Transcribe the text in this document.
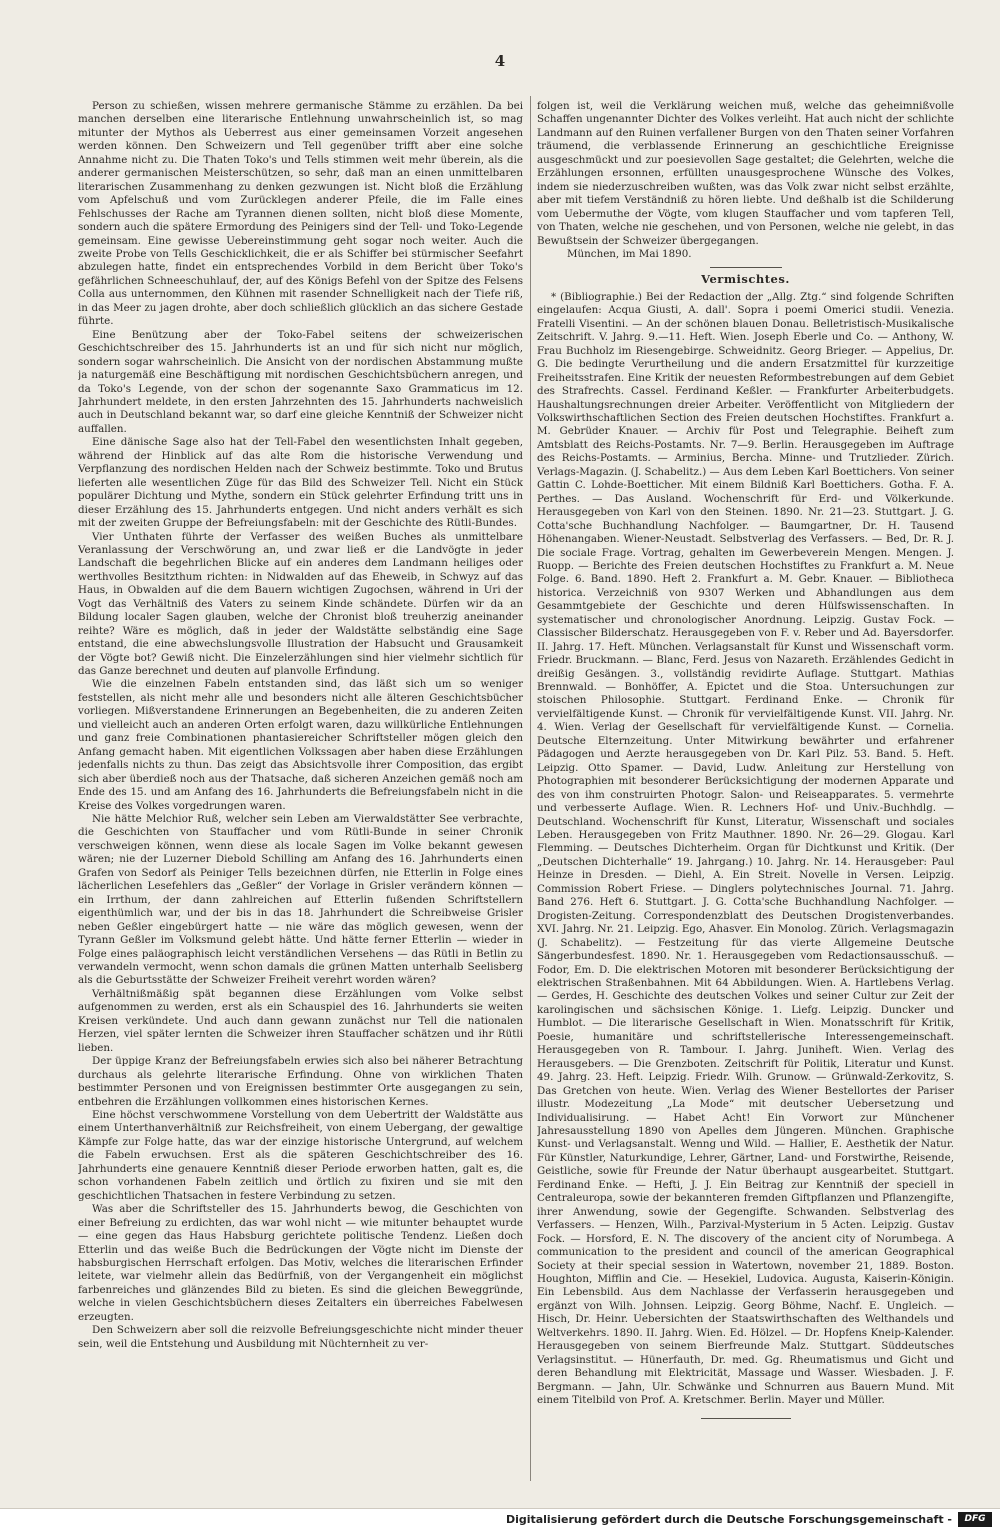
4

Person zu schießen, wissen mehrere germanische Stämme zu erzählen. Da bei manchen derselben eine literarische Entlehnung unwahrscheinlich ist, so mag mitunter der Mythos als Ueberrest aus einer gemeinsamen Vorzeit angesehen werden können. Den Schweizern und Tell gegenüber trifft aber eine solche Annahme nicht zu. Die Thaten Toko's und Tells stimmen weit mehr überein, als die anderer germanischen Meisterschützen, so sehr, daß man an einen unmittelbaren literarischen Zusammenhang zu denken gezwungen ist. Nicht bloß die Erzählung vom Apfelschuß und vom Zurücklegen anderer Pfeile, die im Falle eines Fehlschusses der Rache am Tyrannen dienen sollten, nicht bloß diese Momente, sondern auch die spätere Ermordung des Peinigers sind der Tell- und Toko-Legende gemeinsam. Eine gewisse Uebereinstimmung geht sogar noch weiter. Auch die zweite Probe von Tells Geschicklichkeit, die er als Schiffer bei stürmischer Seefahrt abzulegen hatte, findet ein entsprechendes Vorbild in dem Bericht über Toko's gefährlichen Schneeschuhlauf, der, auf des Königs Befehl von der Spitze des Felsens Colla aus unternommen, den Kühnen mit rasender Schnelligkeit nach der Tiefe riß, in das Meer zu jagen drohte, aber doch schließlich glücklich an das sichere Gestade führte.

Eine Benützung aber der Toko-Fabel seitens der schweizerischen Geschichtschreiber des 15. Jahrhunderts ist an und für sich nicht nur möglich, sondern sogar wahrscheinlich. Die Ansicht von der nordischen Abstammung mußte ja naturgemäß eine Beschäftigung mit nordischen Geschichtsbüchern anregen, und da Toko's Legende, von der schon der sogenannte Saxo Grammaticus im 12. Jahrhundert meldete, in den ersten Jahrzehnten des 15. Jahrhunderts nachweislich auch in Deutschland bekannt war, so darf eine gleiche Kenntniß der Schweizer nicht auffallen.

Eine dänische Sage also hat der Tell-Fabel den wesentlichsten Inhalt gegeben, während der Hinblick auf das alte Rom die historische Verwendung und Verpflanzung des nordischen Helden nach der Schweiz bestimmte. Toko und Brutus lieferten alle wesentlichen Züge für das Bild des Schweizer Tell. Nicht ein Stück populärer Dichtung und Mythe, sondern ein Stück gelehrter Erfindung tritt uns in dieser Erzählung des 15. Jahrhunderts entgegen. Und nicht anders verhält es sich mit der zweiten Gruppe der Befreiungsfabeln: mit der Geschichte des Rütli-Bundes.

Vier Unthaten führte der Verfasser des weißen Buches als unmittelbare Veranlassung der Verschwörung an, und zwar ließ er die Landvögte in jeder Landschaft die begehrlichen Blicke auf ein anderes dem Landmann heiliges oder werthvolles Besitzthum richten: in Nidwalden auf das Eheweib, in Schwyz auf das Haus, in Obwalden auf die dem Bauern wichtigen Zugochsen, während in Uri der Vogt das Verhältniß des Vaters zu seinem Kinde schändete. Dürfen wir da an Bildung localer Sagen glauben, welche der Chronist bloß treuherzig aneinander reihte? Wäre es möglich, daß in jeder der Waldstätte selbständig eine Sage entstand, die eine abwechslungsvolle Illustration der Habsucht und Grausamkeit der Vögte bot? Gewiß nicht. Die Einzelerzählungen sind hier vielmehr sichtlich für das Ganze berechnet und deuten auf planvolle Erfindung.

Wie die einzelnen Fabeln entstanden sind, das läßt sich um so weniger feststellen, als nicht mehr alle und besonders nicht alle älteren Geschichtsbücher vorliegen. Mißverstandene Erinnerungen an Begebenheiten, die zu anderen Zeiten und vielleicht auch an anderen Orten erfolgt waren, dazu willkürliche Entlehnungen und ganz freie Combinationen phantasiereicher Schriftsteller mögen gleich den Anfang gemacht haben. Mit eigentlichen Volkssagen aber haben diese Erzählungen jedenfalls nichts zu thun. Das zeigt das Absichtsvolle ihrer Composition, das ergibt sich aber überdieß noch aus der Thatsache, daß sicheren Anzeichen gemäß noch am Ende des 15. und am Anfang des 16. Jahrhunderts die Befreiungsfabeln nicht in die Kreise des Volkes vorgedrungen waren.

Nie hätte Melchior Ruß, welcher sein Leben am Vierwaldstätter See verbrachte, die Geschichten von Stauffacher und vom Rütli-Bunde in seiner Chronik verschweigen können, wenn diese als locale Sagen im Volke bekannt gewesen wären; nie der Luzerner Diebold Schilling am Anfang des 16. Jahrhunderts einen Grafen von Sedorf als Peiniger Tells bezeichnen dürfen, nie Etterlin in Folge eines lächerlichen Lesefehlers das „Geßler“ der Vorlage in Grisler verändern können — ein Irrthum, der dann zahlreichen auf Etterlin fußenden Schriftstellern eigenthümlich war, und der bis in das 18. Jahrhundert die Schreibweise Grisler neben Geßler eingebürgert hatte — nie wäre das möglich gewesen, wenn der Tyrann Geßler im Volksmund gelebt hätte. Und hätte ferner Etterlin — wieder in Folge eines paläographisch leicht verständlichen Versehens — das Rütli in Betlin zu verwandeln vermocht, wenn schon damals die grünen Matten unterhalb Seelisberg als die Geburtsstätte der Schweizer Freiheit verehrt worden wären?

Verhältnißmäßig spät begannen diese Erzählungen vom Volke selbst aufgenommen zu werden, erst als ein Schauspiel des 16. Jahrhunderts sie weiten Kreisen verkündete. Und auch dann gewann zunächst nur Tell die nationalen Herzen, viel später lernten die Schweizer ihren Stauffacher schätzen und ihr Rütli lieben.

Der üppige Kranz der Befreiungsfabeln erwies sich also bei näherer Betrachtung durchaus als gelehrte literarische Erfindung. Ohne von wirklichen Thaten bestimmter Personen und von Ereignissen bestimmter Orte ausgegangen zu sein, entbehren die Erzählungen vollkommen eines historischen Kernes.

Eine höchst verschwommene Vorstellung von dem Uebertritt der Waldstätte aus einem Unterthanverhältniß zur Reichsfreiheit, von einem Uebergang, der gewaltige Kämpfe zur Folge hatte, das war der einzige historische Untergrund, auf welchem die Fabeln erwuchsen. Erst als die späteren Geschichtschreiber des 16. Jahrhunderts eine genauere Kenntniß dieser Periode erworben hatten, galt es, die schon vorhandenen Fabeln zeitlich und örtlich zu fixiren und sie mit den geschichtlichen Thatsachen in festere Verbindung zu setzen.

Was aber die Schriftsteller des 15. Jahrhunderts bewog, die Geschichten von einer Befreiung zu erdichten, das war wohl nicht — wie mitunter behauptet wurde — eine gegen das Haus Habsburg gerichtete politische Tendenz. Ließen doch Etterlin und das weiße Buch die Bedrückungen der Vögte nicht im Dienste der habsburgischen Herrschaft erfolgen. Das Motiv, welches die literarischen Erfinder leitete, war vielmehr allein das Bedürfniß, von der Vergangenheit ein möglichst farbenreiches und glänzendes Bild zu bieten. Es sind die gleichen Beweggründe, welche in vielen Geschichtsbüchern dieses Zeitalters ein überreiches Fabelwesen erzeugten.

Den Schweizern aber soll die reizvolle Befreiungsgeschichte nicht minder theuer sein, weil die Entstehung und Ausbildung mit Nüchternheit zu ver-

folgen ist, weil die Verklärung weichen muß, welche das geheimnißvolle Schaffen ungenannter Dichter des Volkes verleiht. Hat auch nicht der schlichte Landmann auf den Ruinen verfallener Burgen von den Thaten seiner Vorfahren träumend, die verblassende Erinnerung an geschichtliche Ereignisse ausgeschmückt und zur poesievollen Sage gestaltet; die Gelehrten, welche die Erzählungen ersonnen, erfüllten unausgesprochene Wünsche des Volkes, indem sie niederzuschreiben wußten, was das Volk zwar nicht selbst erzählte, aber mit tiefem Verständniß zu hören liebte. Und deßhalb ist die Schilderung vom Uebermuthe der Vögte, vom klugen Stauffacher und vom tapferen Tell, von Thaten, welche nie geschehen, und von Personen, welche nie gelebt, in das Bewußtsein der Schweizer übergegangen.

München, im Mai 1890.

Vermischtes.

* (Bibliographie.) Bei der Redaction der „Allg. Ztg.“ sind folgende Schriften eingelaufen: Acqua Giusti, A. dall'. Sopra i poemi Omerici studii. Venezia. Fratelli Visentini. — An der schönen blauen Donau. Belletristisch-Musikalische Zeitschrift. V. Jahrg. 9.—11. Heft. Wien. Joseph Eberle und Co. — Anthony, W. Frau Buchholz im Riesengebirge. Schweidnitz. Georg Brieger. — Appelius, Dr. G. Die bedingte Verurtheilung und die andern Ersatzmittel für kurzzeitige Freiheitsstrafen. Eine Kritik der neuesten Reformbestrebungen auf dem Gebiet des Strafrechts. Cassel. Ferdinand Keßler. — Frankfurter Arbeiterbudgets. Haushaltungsrechnungen dreier Arbeiter. Veröffentlicht von Mitgliedern der Volkswirthschaftlichen Section des Freien deutschen Hochstiftes. Frankfurt a. M. Gebrüder Knauer. — Archiv für Post und Telegraphie. Beiheft zum Amtsblatt des Reichs-Postamts. Nr. 7—9. Berlin. Herausgegeben im Auftrage des Reichs-Postamts. — Arminius, Bercha. Minne- und Trutzlieder. Zürich. Verlags-Magazin. (J. Schabelitz.) — Aus dem Leben Karl Boettichers. Von seiner Gattin C. Lohde-Boetticher. Mit einem Bildniß Karl Boettichers. Gotha. F. A. Perthes. — Das Ausland. Wochenschrift für Erd- und Völkerkunde. Herausgegeben von Karl von den Steinen. 1890. Nr. 21—23. Stuttgart. J. G. Cotta'sche Buchhandlung Nachfolger. — Baumgartner, Dr. H. Tausend Höhenangaben. Wiener-Neustadt. Selbstverlag des Verfassers. — Bed, Dr. R. J. Die sociale Frage. Vortrag, gehalten im Gewerbeverein Mengen. Mengen. J. Ruopp. — Berichte des Freien deutschen Hochstiftes zu Frankfurt a. M. Neue Folge. 6. Band. 1890. Heft 2. Frankfurt a. M. Gebr. Knauer. — Bibliotheca historica. Verzeichniß von 9307 Werken und Abhandlungen aus dem Gesammtgebiete der Geschichte und deren Hülfswissenschaften. In systematischer und chronologischer Anordnung. Leipzig. Gustav Fock. — Classischer Bilderschatz. Herausgegeben von F. v. Reber und Ad. Bayersdorfer. II. Jahrg. 17. Heft. München. Verlagsanstalt für Kunst und Wissenschaft vorm. Friedr. Bruckmann. — Blanc, Ferd. Jesus von Nazareth. Erzählendes Gedicht in dreißig Gesängen. 3., vollständig revidirte Auflage. Stuttgart. Mathias Brennwald. — Bonhöffer, A. Epictet und die Stoa. Untersuchungen zur stoischen Philosophie. Stuttgart. Ferdinand Enke. — Chronik für vervielfältigende Kunst. — Chronik für vervielfältigende Kunst. VII. Jahrg. Nr. 4. Wien. Verlag der Gesellschaft für vervielfältigende Kunst. — Cornelia. Deutsche Elternzeitung. Unter Mitwirkung bewährter und erfahrener Pädagogen und Aerzte herausgegeben von Dr. Karl Pilz. 53. Band. 5. Heft. Leipzig. Otto Spamer. — David, Ludw. Anleitung zur Herstellung von Photographien mit besonderer Berücksichtigung der modernen Apparate und des von ihm construirten Photogr. Salon- und Reiseapparates. 5. vermehrte und verbesserte Auflage. Wien. R. Lechners Hof- und Univ.-Buchhdlg. — Deutschland. Wochenschrift für Kunst, Literatur, Wissenschaft und sociales Leben. Herausgegeben von Fritz Mauthner. 1890. Nr. 26—29. Glogau. Karl Flemming. — Deutsches Dichterheim. Organ für Dichtkunst und Kritik. (Der „Deutschen Dichterhalle“ 19. Jahrgang.) 10. Jahrg. Nr. 14. Herausgeber: Paul Heinze in Dresden. — Diehl, A. Ein Streit. Novelle in Versen. Leipzig. Commission Robert Friese. — Dinglers polytechnisches Journal. 71. Jahrg. Band 276. Heft 6. Stuttgart. J. G. Cotta'sche Buchhandlung Nachfolger. — Drogisten-Zeitung. Correspondenzblatt des Deutschen Drogistenverbandes. XVI. Jahrg. Nr. 21. Leipzig. Ego, Ahasver. Ein Monolog. Zürich. Verlagsmagazin (J. Schabelitz). — Festzeitung für das vierte Allgemeine Deutsche Sängerbundesfest. 1890. Nr. 1. Herausgegeben vom Redactionsausschuß. — Fodor, Em. D. Die elektrischen Motoren mit besonderer Berücksichtigung der elektrischen Straßenbahnen. Mit 64 Abbildungen. Wien. A. Hartlebens Verlag. — Gerdes, H. Geschichte des deutschen Volkes und seiner Cultur zur Zeit der karolingischen und sächsischen Könige. 1. Liefg. Leipzig. Duncker und Humblot. — Die literarische Gesellschaft in Wien. Monatsschrift für Kritik, Poesie, humanitäre und schriftstellerische Interessengemeinschaft. Herausgegeben von R. Tambour. I. Jahrg. Juniheft. Wien. Verlag des Herausgebers. — Die Grenzboten. Zeitschrift für Politik, Literatur und Kunst. 49. Jahrg. 23. Heft. Leipzig. Friedr. Wilh. Grunow. — Grünwald-Zerkovitz, S. Das Gretchen von heute. Wien. Verlag des Wiener Bestellortes der Pariser illustr. Modezeitung „La Mode“ mit deutscher Uebersetzung und Individualisirung. — Habet Acht! Ein Vorwort zur Münchener Jahresausstellung 1890 von Apelles dem Jüngeren. München. Graphische Kunst- und Verlagsanstalt. Wenng und Wild. — Hallier, E. Aesthetik der Natur. Für Künstler, Naturkundige, Lehrer, Gärtner, Land- und Forstwirthe, Reisende, Geistliche, sowie für Freunde der Natur überhaupt ausgearbeitet. Stuttgart. Ferdinand Enke. — Hefti, J. J. Ein Beitrag zur Kenntniß der speciell in Centraleuropa, sowie der bekannteren fremden Giftpflanzen und Pflanzengifte, ihrer Anwendung, sowie der Gegengifte. Schwanden. Selbstverlag des Verfassers. — Henzen, Wilh., Parzival-Mysterium in 5 Acten. Leipzig. Gustav Fock. — Horsford, E. N. The discovery of the ancient city of Norumbega. A communication to the president and council of the american Geographical Society at their special session in Watertown, november 21, 1889. Boston. Houghton, Mifflin and Cie. — Hesekiel, Ludovica. Augusta, Kaiserin-Königin. Ein Lebensbild. Aus dem Nachlasse der Verfasserin herausgegeben und ergänzt von Wilh. Johnsen. Leipzig. Georg Böhme, Nachf. E. Ungleich. — Hisch, Dr. Heinr. Uebersichten der Staatswirthschaften des Welthandels und Weltverkehrs. 1890. II. Jahrg. Wien. Ed. Hölzel. — Dr. Hopfens Kneip-Kalender. Herausgegeben von seinem Bierfreunde Malz. Stuttgart. Süddeutsches Verlagsinstitut. — Hünerfauth, Dr. med. Gg. Rheumatismus und Gicht und deren Behandlung mit Elektricität, Massage und Wasser. Wiesbaden. J. F. Bergmann. — Jahn, Ulr. Schwänke und Schnurren aus Bauern Mund. Mit einem Titelbild von Prof. A. Kretschmer. Berlin. Mayer und Müller.

Digitalisierung gefördert durch die Deutsche Forschungsgemeinschaft -	DFG
